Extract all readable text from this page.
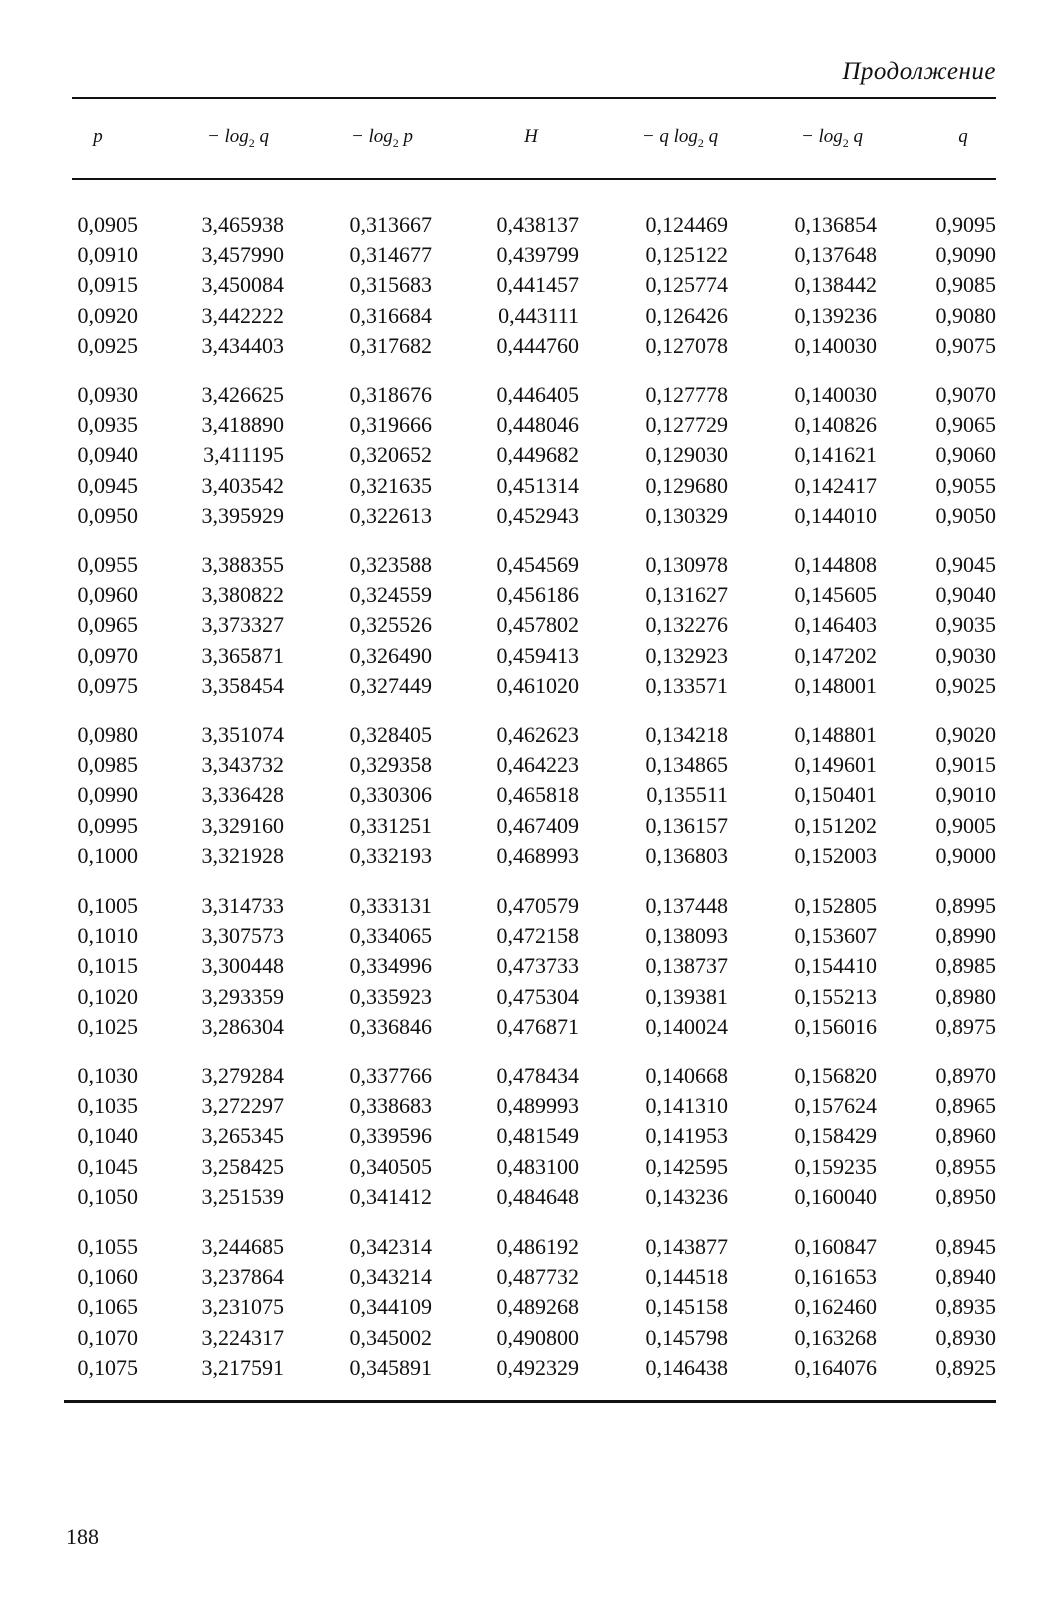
Продолжение
p	− $\log_2 q$	− $\log_2 p$	H	− q $\log_2 q$	− $\log_2 q$	q
0,0905	3,465938	0,313667	0,438137	0,124469	0,136854	0,9095
0,0910	3,457990	0,314677	0,439799	0,125122	0,137648	0,9090
0,0915	3,450084	0,315683	0,441457	0,125774	0,138442	0,9085
0,0920	3,442222	0,316684	0,443111	0,126426	0,139236	0,9080
0,0925	3,434403	0,317682	0,444760	0,127078	0,140030	0,9075
0,0930	3,426625	0,318676	0,446405	0,127778	0,140030	0,9070
0,0935	3,418890	0,319666	0,448046	0,127729	0,140826	0,9065
0,0940	3,411195	0,320652	0,449682	0,129030	0,141621	0,9060
0,0945	3,403542	0,321635	0,451314	0,129680	0,142417	0,9055
0,0950	3,395929	0,322613	0,452943	0,130329	0,144010	0,9050
0,0955	3,388355	0,323588	0,454569	0,130978	0,144808	0,9045
0,0960	3,380822	0,324559	0,456186	0,131627	0,145605	0,9040
0,0965	3,373327	0,325526	0,457802	0,132276	0,146403	0,9035
0,0970	3,365871	0,326490	0,459413	0,132923	0,147202	0,9030
0,0975	3,358454	0,327449	0,461020	0,133571	0,148001	0,9025
0,0980	3,351074	0,328405	0,462623	0,134218	0,148801	0,9020
0,0985	3,343732	0,329358	0,464223	0,134865	0,149601	0,9015
0,0990	3,336428	0,330306	0,465818	0,135511	0,150401	0,9010
0,0995	3,329160	0,331251	0,467409	0,136157	0,151202	0,9005
0,1000	3,321928	0,332193	0,468993	0,136803	0,152003	0,9000
0,1005	3,314733	0,333131	0,470579	0,137448	0,152805	0,8995
0,1010	3,307573	0,334065	0,472158	0,138093	0,153607	0,8990
0,1015	3,300448	0,334996	0,473733	0,138737	0,154410	0,8985
0,1020	3,293359	0,335923	0,475304	0,139381	0,155213	0,8980
0,1025	3,286304	0,336846	0,476871	0,140024	0,156016	0,8975
0,1030	3,279284	0,337766	0,478434	0,140668	0,156820	0,8970
0,1035	3,272297	0,338683	0,489993	0,141310	0,157624	0,8965
0,1040	3,265345	0,339596	0,481549	0,141953	0,158429	0,8960
0,1045	3,258425	0,340505	0,483100	0,142595	0,159235	0,8955
0,1050	3,251539	0,341412	0,484648	0,143236	0,160040	0,8950
0,1055	3,244685	0,342314	0,486192	0,143877	0,160847	0,8945
0,1060	3,237864	0,343214	0,487732	0,144518	0,161653	0,8940
0,1065	3,231075	0,344109	0,489268	0,145158	0,162460	0,8935
0,1070	3,224317	0,345002	0,490800	0,145798	0,163268	0,8930
0,1075	3,217591	0,345891	0,492329	0,146438	0,164076	0,8925
188
